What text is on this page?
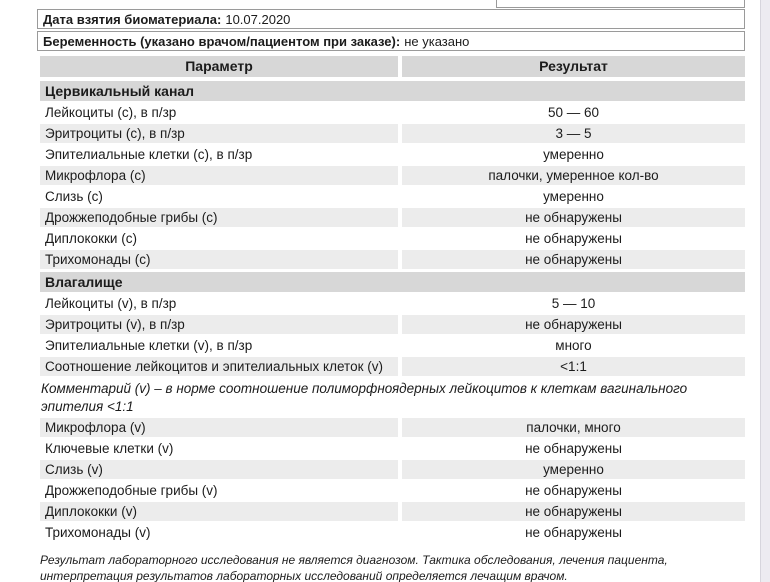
Дата взятия биоматериала: 10.07.2020
Беременность (указано врачом/пациентом при заказе): не указано
Параметр	Результат
Цервикальный канал
Лейкоциты (с), в п/зр	50 — 60
Эритроциты (с), в п/зр	3 — 5
Эпителиальные клетки (с), в п/зр	умеренно
Микрофлора (с)	палочки, умеренное кол-во
Слизь (с)	умеренно
Дрожжеподобные грибы (с)	не обнаружены
Диплококки (с)	не обнаружены
Трихомонады (с)	не обнаружены
Влагалище
Лейкоциты (v), в п/зр	5 — 10
Эритроциты (v), в п/зр	не обнаружены
Эпителиальные клетки (v), в п/зр	много
Соотношение лейкоцитов и эпителиальных клеток (v)	<1:1
Комментарий (v) – в норме соотношение полиморфноядерных лейкоцитов к клеткам вагинального эпителия <1:1
Микрофлора (v)	палочки, много
Ключевые клетки (v)	не обнаружены
Слизь (v)	умеренно
Дрожжеподобные грибы (v)	не обнаружены
Диплококки (v)	не обнаружены
Трихомонады (v)	не обнаружены
Результат лабораторного исследования не является диагнозом. Тактика обследования, лечения пациента, интерпретация результатов лабораторных исследований определяется лечащим врачом.
